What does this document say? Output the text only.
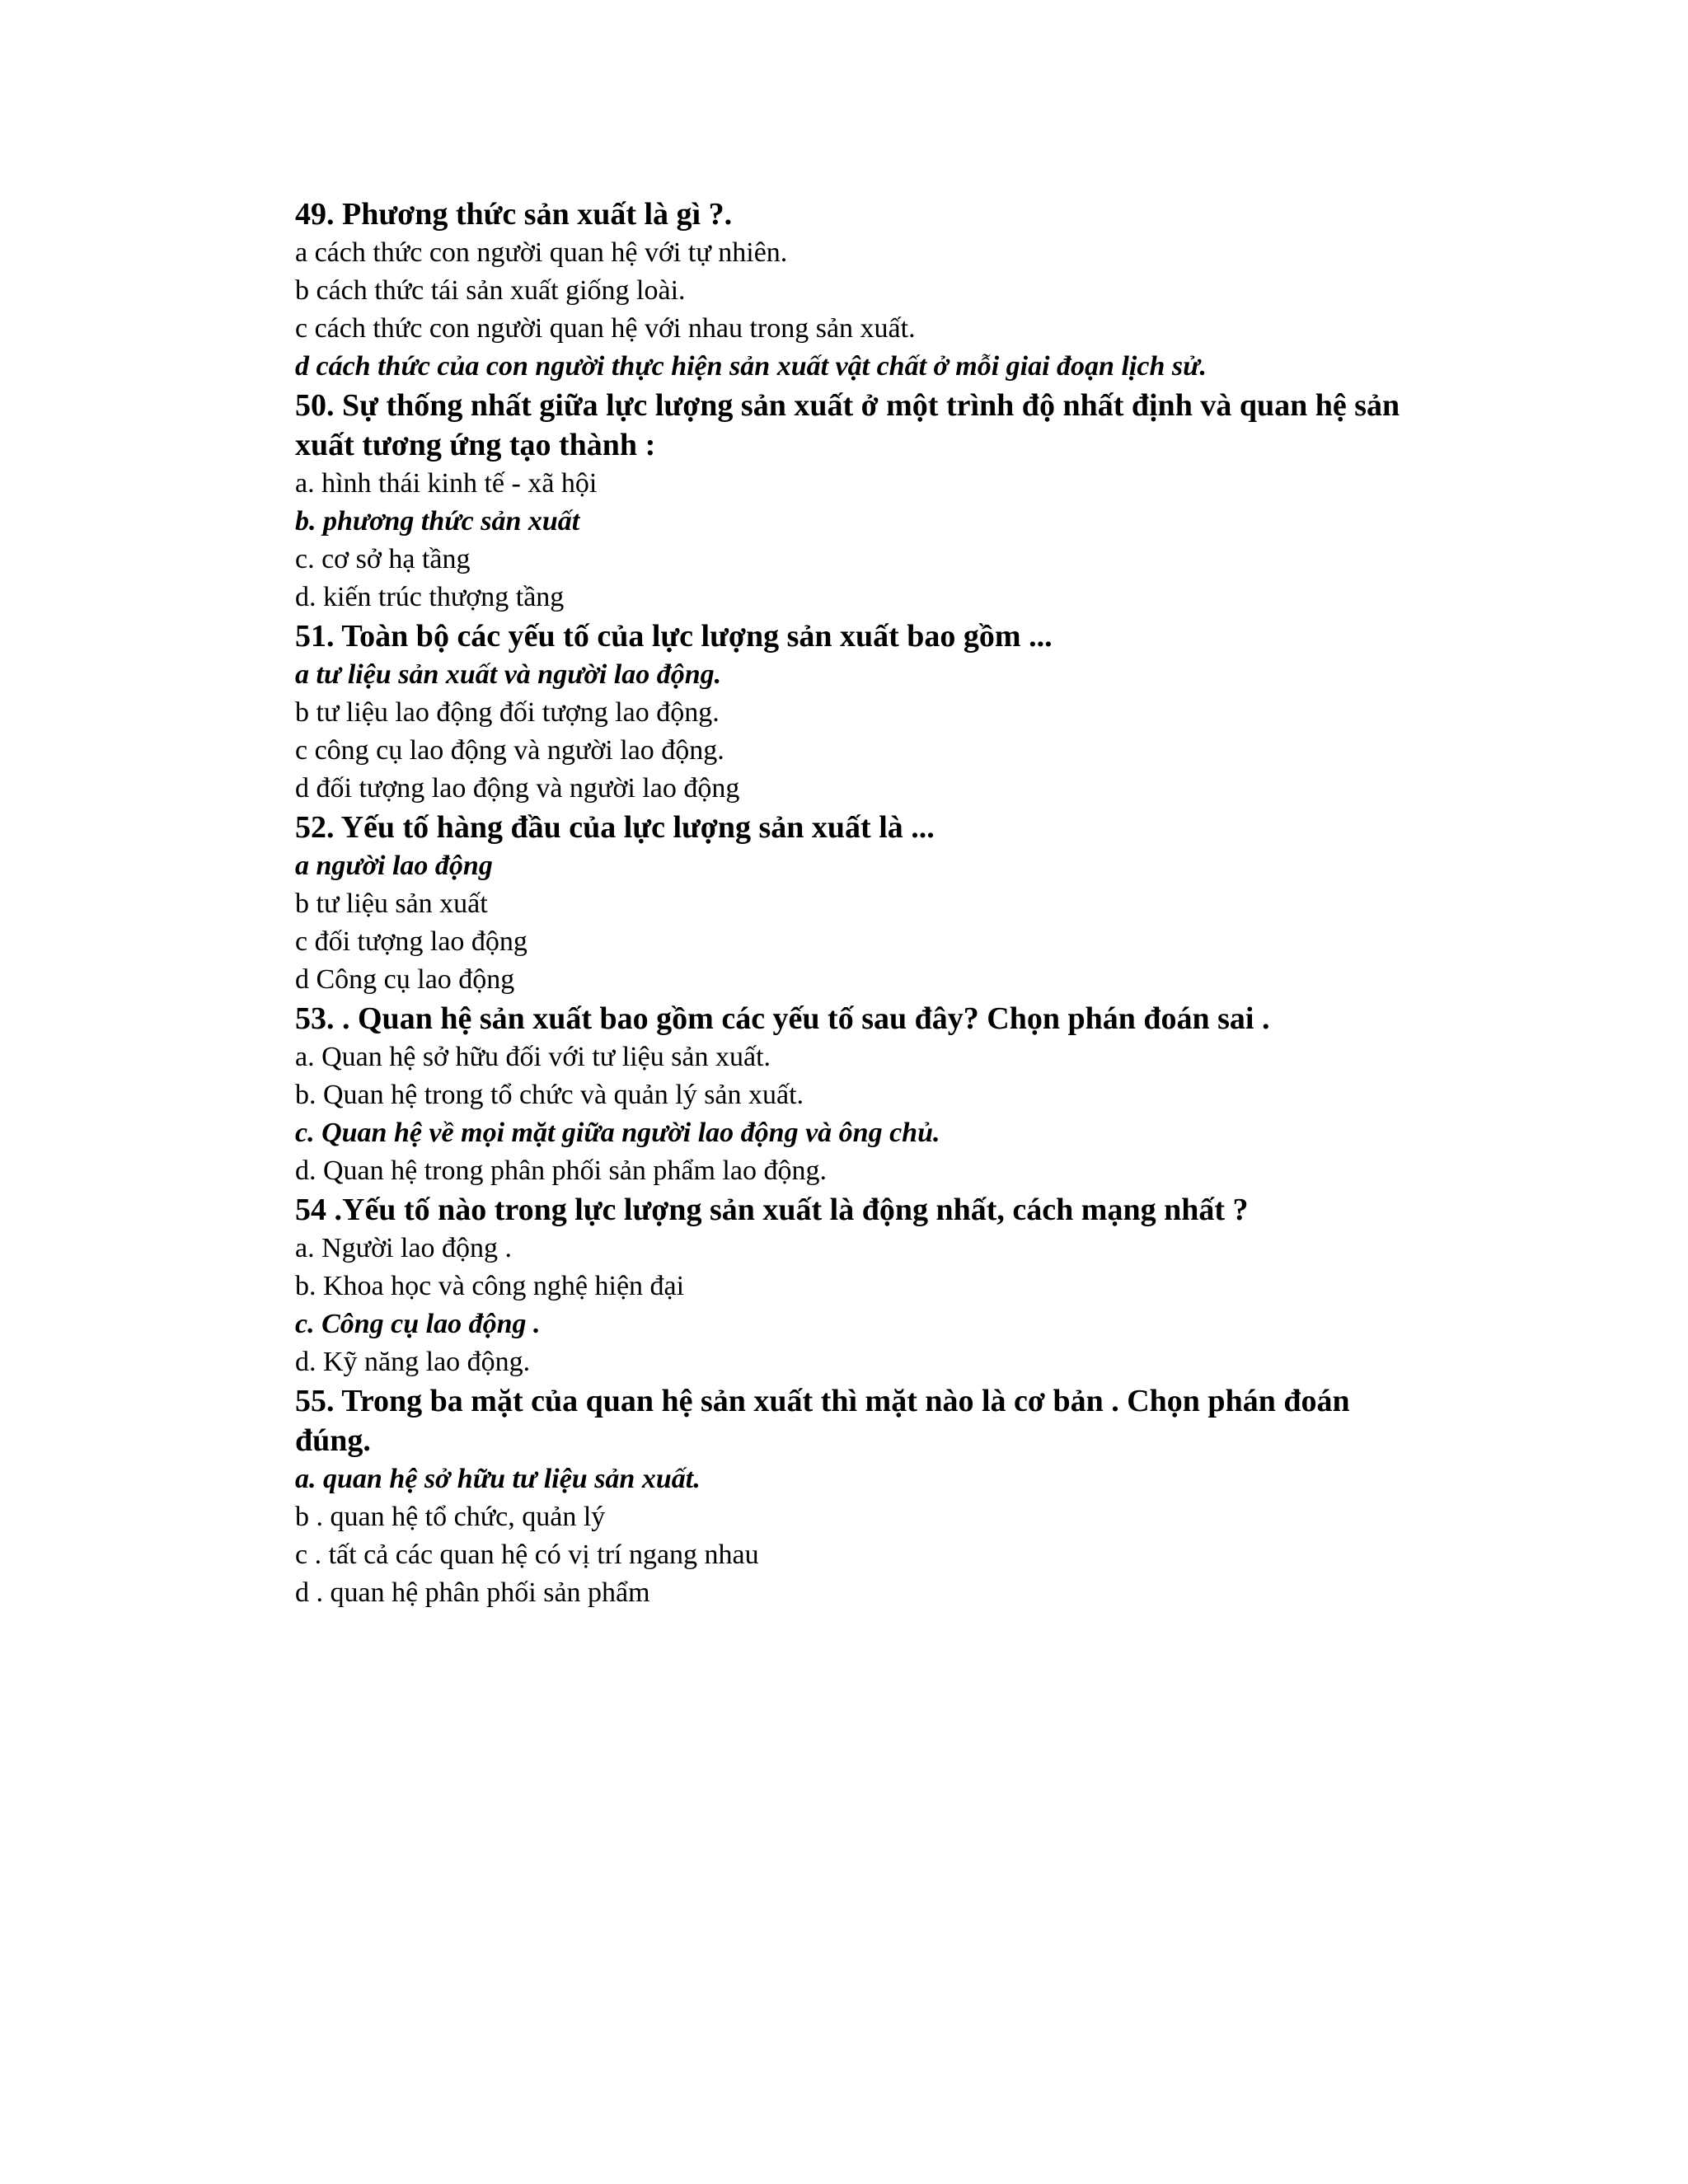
49. Phương thức sản xuất là gì ?.

a cách thức con người quan hệ với tự nhiên.
b cách thức tái sản xuất giống loài.
c cách thức con người quan hệ với nhau trong sản xuất.
d cách thức của con người thực hiện sản xuất vật chất ở mỗi giai đoạn lịch sử.

50. Sự thống nhất giữa lực lượng sản xuất ở một trình độ nhất định và quan hệ sản xuất tương ứng tạo thành :

a. hình thái kinh tế - xã hội
b. phương thức sản xuất
c. cơ sở hạ tầng
d. kiến trúc thượng tầng

51. Toàn bộ các yếu tố của lực lượng sản xuất bao gồm ...

a tư liệu sản xuất và người lao động.
b tư liệu lao động đối tượng lao động.
c công cụ lao động và người lao động.
d đối tượng lao động và người lao động

52. Yếu tố hàng đầu của lực lượng sản xuất là ...

a người lao động
b tư liệu sản xuất
c đối tượng lao động
d Công cụ lao động

53. . Quan hệ sản xuất bao gồm các yếu tố sau đây? Chọn phán đoán sai .

a. Quan hệ sở hữu đối với tư liệu sản xuất.
b. Quan hệ trong tổ chức và quản lý sản xuất.
c. Quan hệ về mọi mặt giữa người lao động và ông chủ.
d. Quan hệ trong phân phối sản phẩm lao động.

54 .Yếu tố nào trong lực lượng sản xuất là động nhất, cách mạng nhất ?

a. Người lao động .
b. Khoa học và công nghệ hiện đại
c. Công cụ lao động .
d. Kỹ năng lao động.

55. Trong ba mặt của quan hệ sản xuất thì mặt nào là cơ bản . Chọn phán đoán đúng.

a. quan hệ sở hữu tư liệu sản xuất.
b . quan hệ tổ chức, quản lý
c . tất cả các quan hệ có vị trí ngang nhau
d . quan hệ phân phối sản phẩm
